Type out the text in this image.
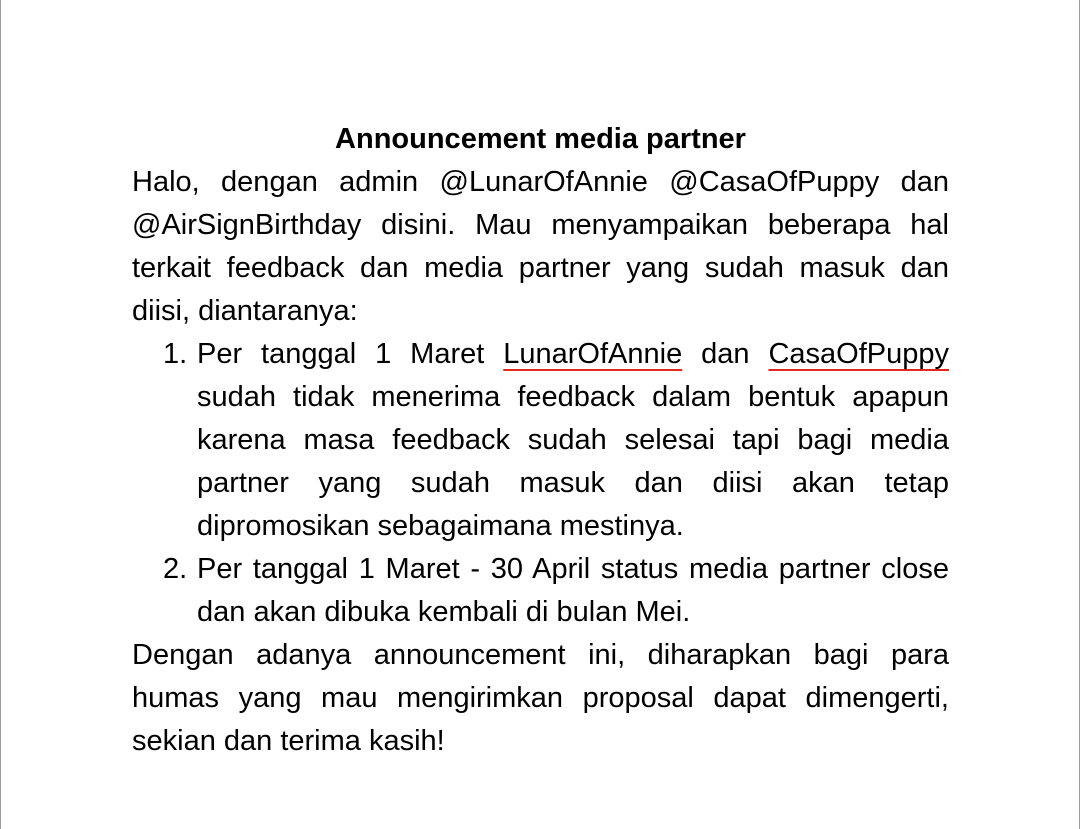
Announcement media partner

Halo, dengan admin @LunarOfAnnie @CasaOfPuppy dan @AirSignBirthday disini. Mau menyampaikan beberapa hal terkait feedback dan media partner yang sudah masuk dan diisi, diantaranya:

1. Per tanggal 1 Maret LunarOfAnnie dan CasaOfPuppy sudah tidak menerima feedback dalam bentuk apapun karena masa feedback sudah selesai tapi bagi media partner yang sudah masuk dan diisi akan tetap dipromosikan sebagaimana mestinya.
2. Per tanggal 1 Maret - 30 April status media partner close dan akan dibuka kembali di bulan Mei.

Dengan adanya announcement ini, diharapkan bagi para humas yang mau mengirimkan proposal dapat dimengerti, sekian dan terima kasih!
